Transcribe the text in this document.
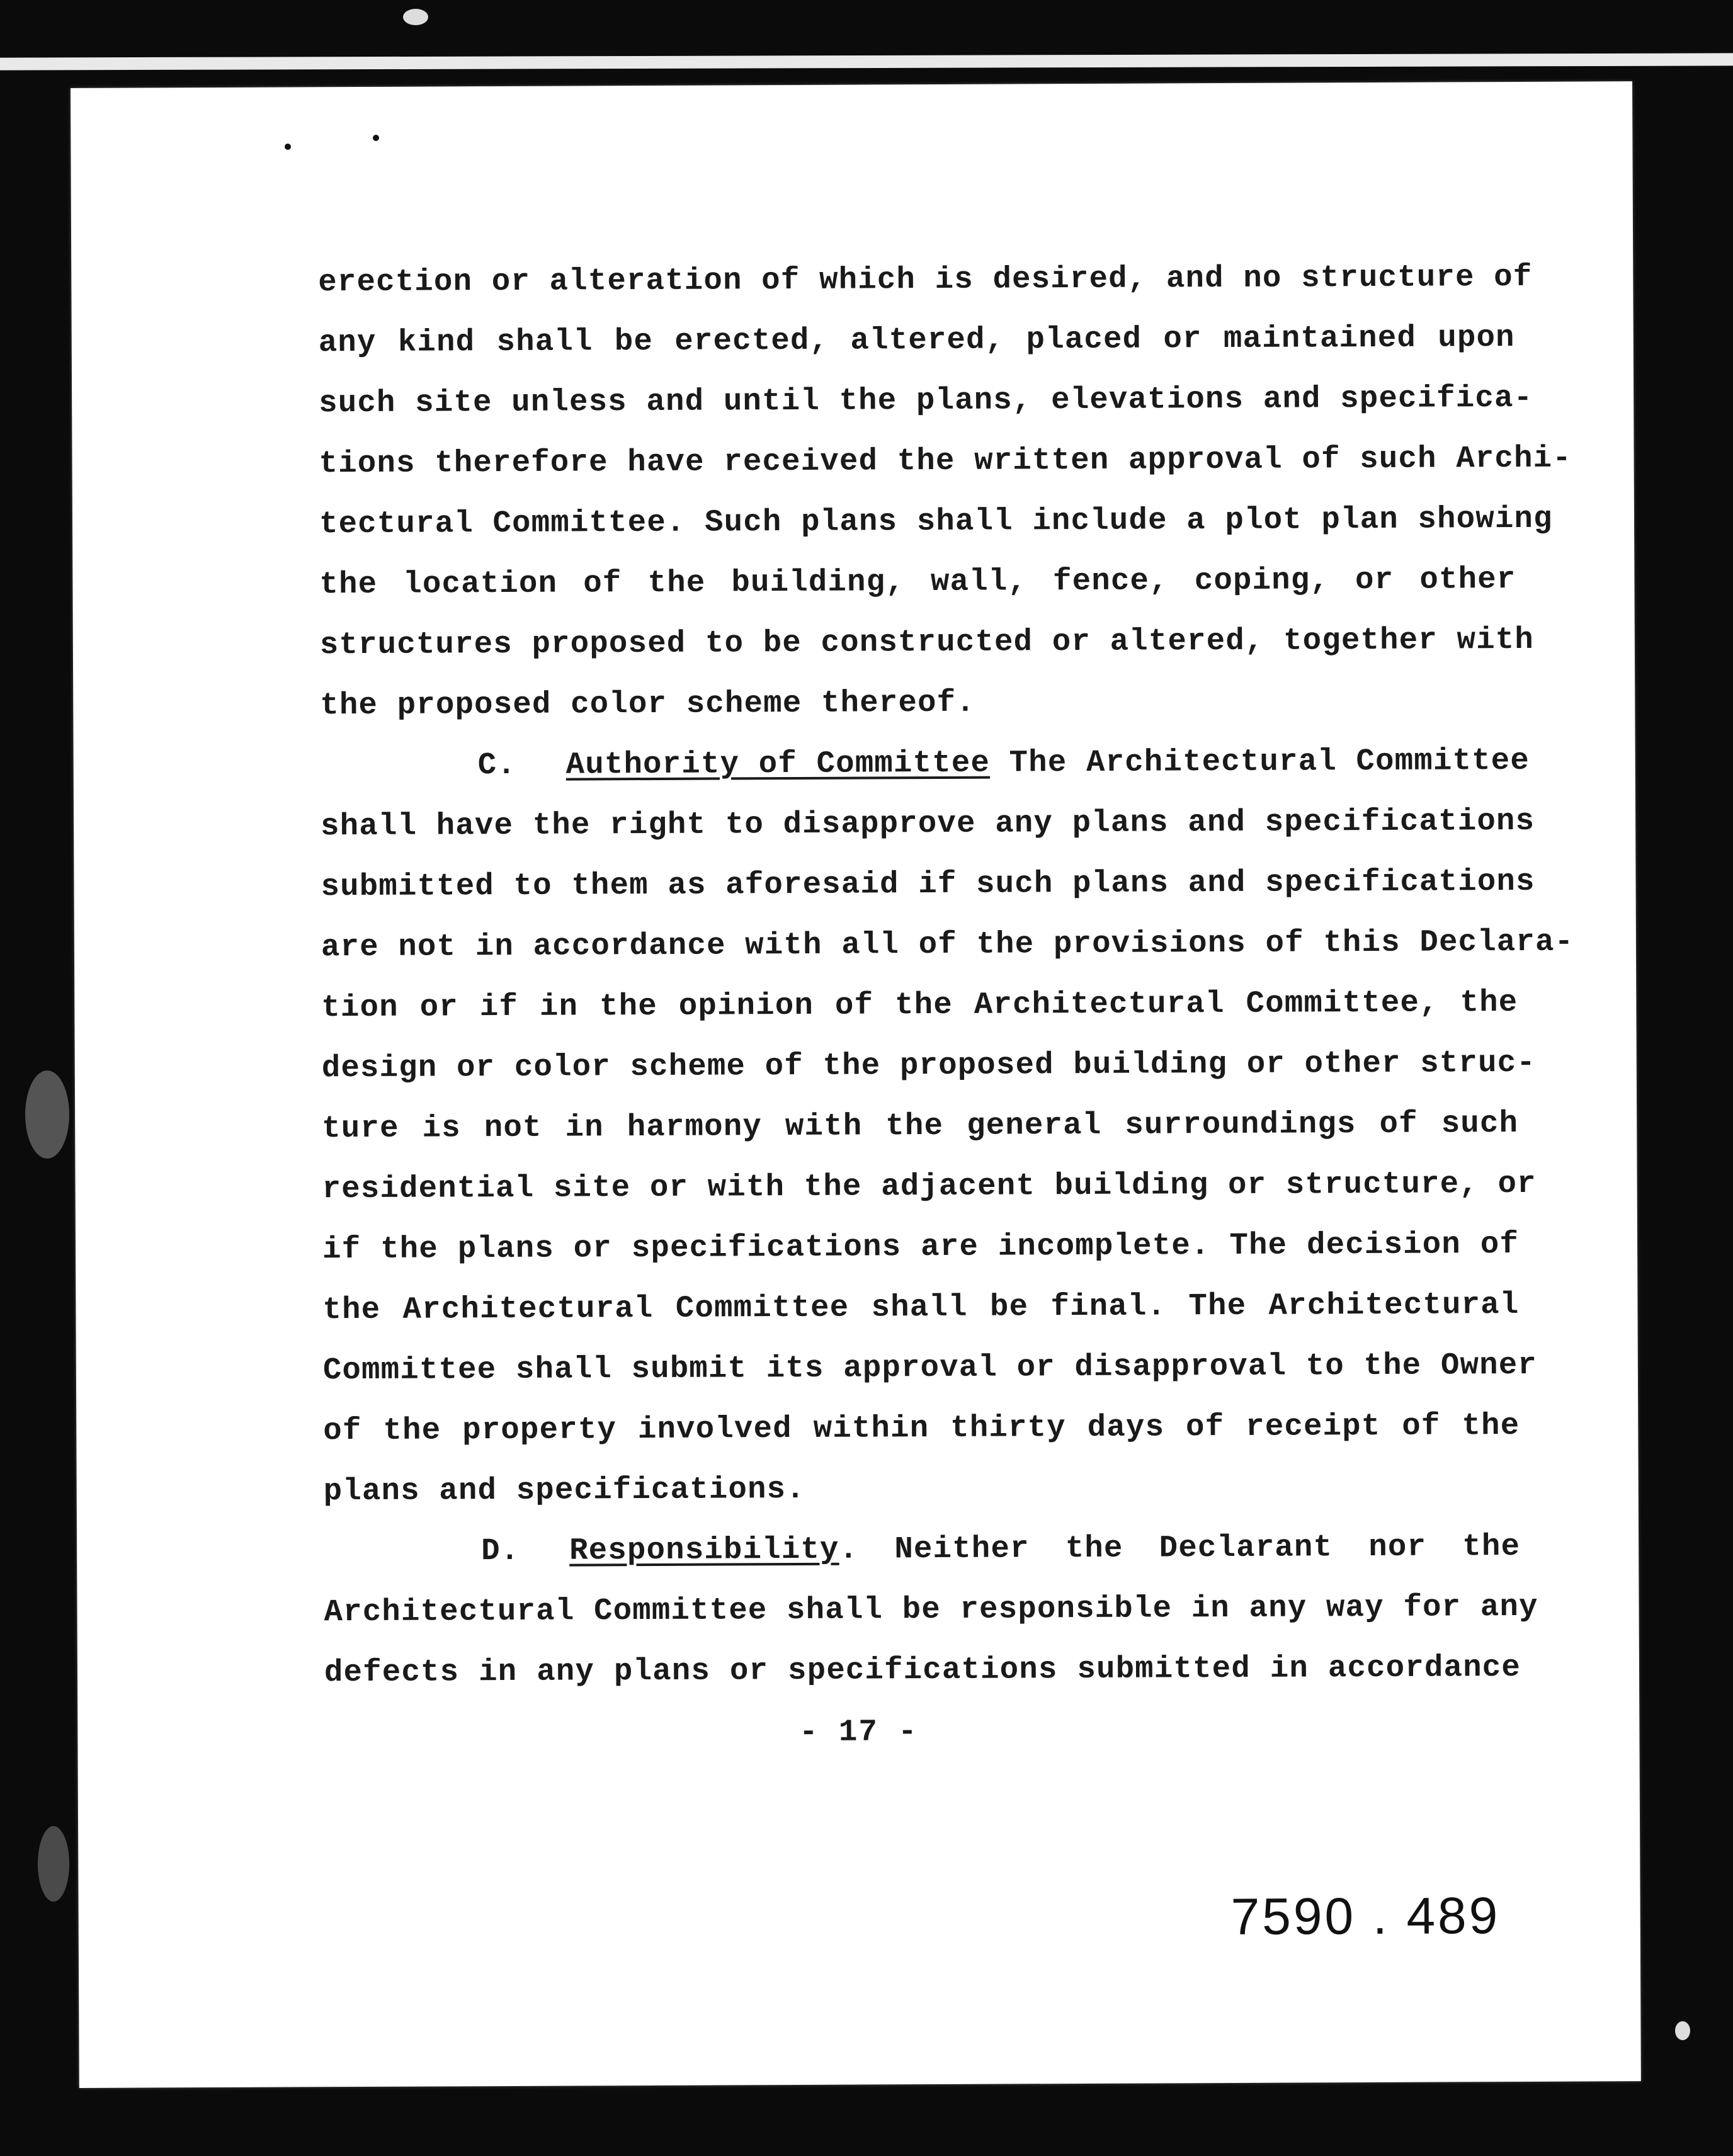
erection or alteration of which is desired, and no structure of
any kind shall be erected, altered, placed or maintained upon
such site unless and until the plans, elevations and specifica-
tions therefore have received the written approval of such Archi-
tectural Committee. Such plans shall include a plot plan showing
the location of the building, wall, fence, coping, or other
structures proposed to be constructed or altered, together with
the proposed color scheme thereof.
C. Authority of Committee The Architectural Committee
shall have the right to disapprove any plans and specifications
submitted to them as aforesaid if such plans and specifications
are not in accordance with all of the provisions of this Declara-
tion or if in the opinion of the Architectural Committee, the
design or color scheme of the proposed building or other struc-
ture is not in harmony with the general surroundings of such
residential site or with the adjacent building or structure, or
if the plans or specifications are incomplete. The decision of
the Architectural Committee shall be final. The Architectural
Committee shall submit its approval or disapproval to the Owner
of the property involved within thirty days of receipt of the
plans and specifications.
D. Responsibility. Neither the Declarant nor the
Architectural Committee shall be responsible in any way for any
defects in any plans or specifications submitted in accordance
- 17 -
7590 . 489
